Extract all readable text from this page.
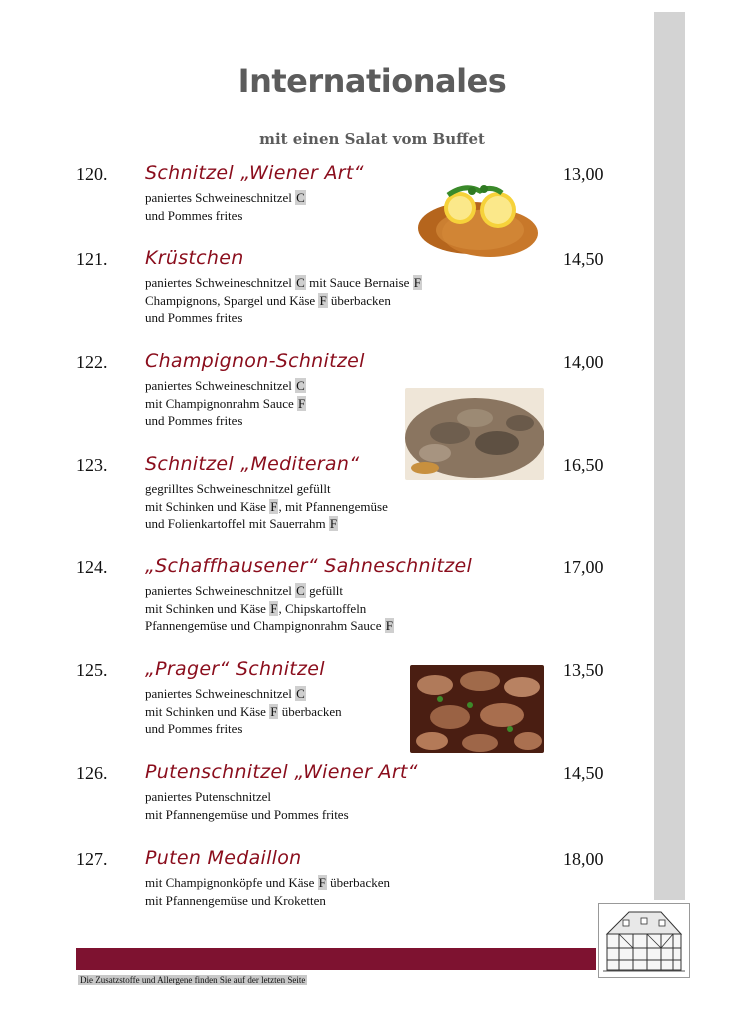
Internationales
mit einen Salat vom Buffet
120. Schnitzel „Wiener Art“	13,00
paniertes Schweineschnitzel C
und Pommes frites
121. Krüstchen	14,50
paniertes Schweineschnitzel C mit Sauce Bernaise F
Champignons, Spargel und Käse F überbacken
und Pommes frites
122. Champignon-Schnitzel	14,00
paniertes Schweineschnitzel C
mit Champignonrahm Sauce F
und Pommes frites
123. Schnitzel „Mediteran“	16,50
gegrilltes Schweineschnitzel gefüllt
mit Schinken und Käse F, mit Pfannengemüse
und Folienkartoffel mit Sauerrahm F
124. „Schaffhausener“ Sahneschnitzel	17,00
paniertes Schweineschnitzel C gefüllt
mit Schinken und Käse F, Chipskartoffeln
Pfannengemüse und Champignonrahm Sauce F
125. „Prager“ Schnitzel	13,50
paniertes Schweineschnitzel C
mit Schinken und Käse F überbacken
und Pommes frites
126. Putenschnitzel „Wiener Art“	14,50
paniertes Putenschnitzel
mit Pfannengemüse und Pommes frites
127. Puten Medaillon	18,00
mit Champignonköpfe und Käse F überbacken
mit Pfannengemüse und Kroketten
Die Zusatzstoffe und Allergene finden Sie auf der letzten Seite
